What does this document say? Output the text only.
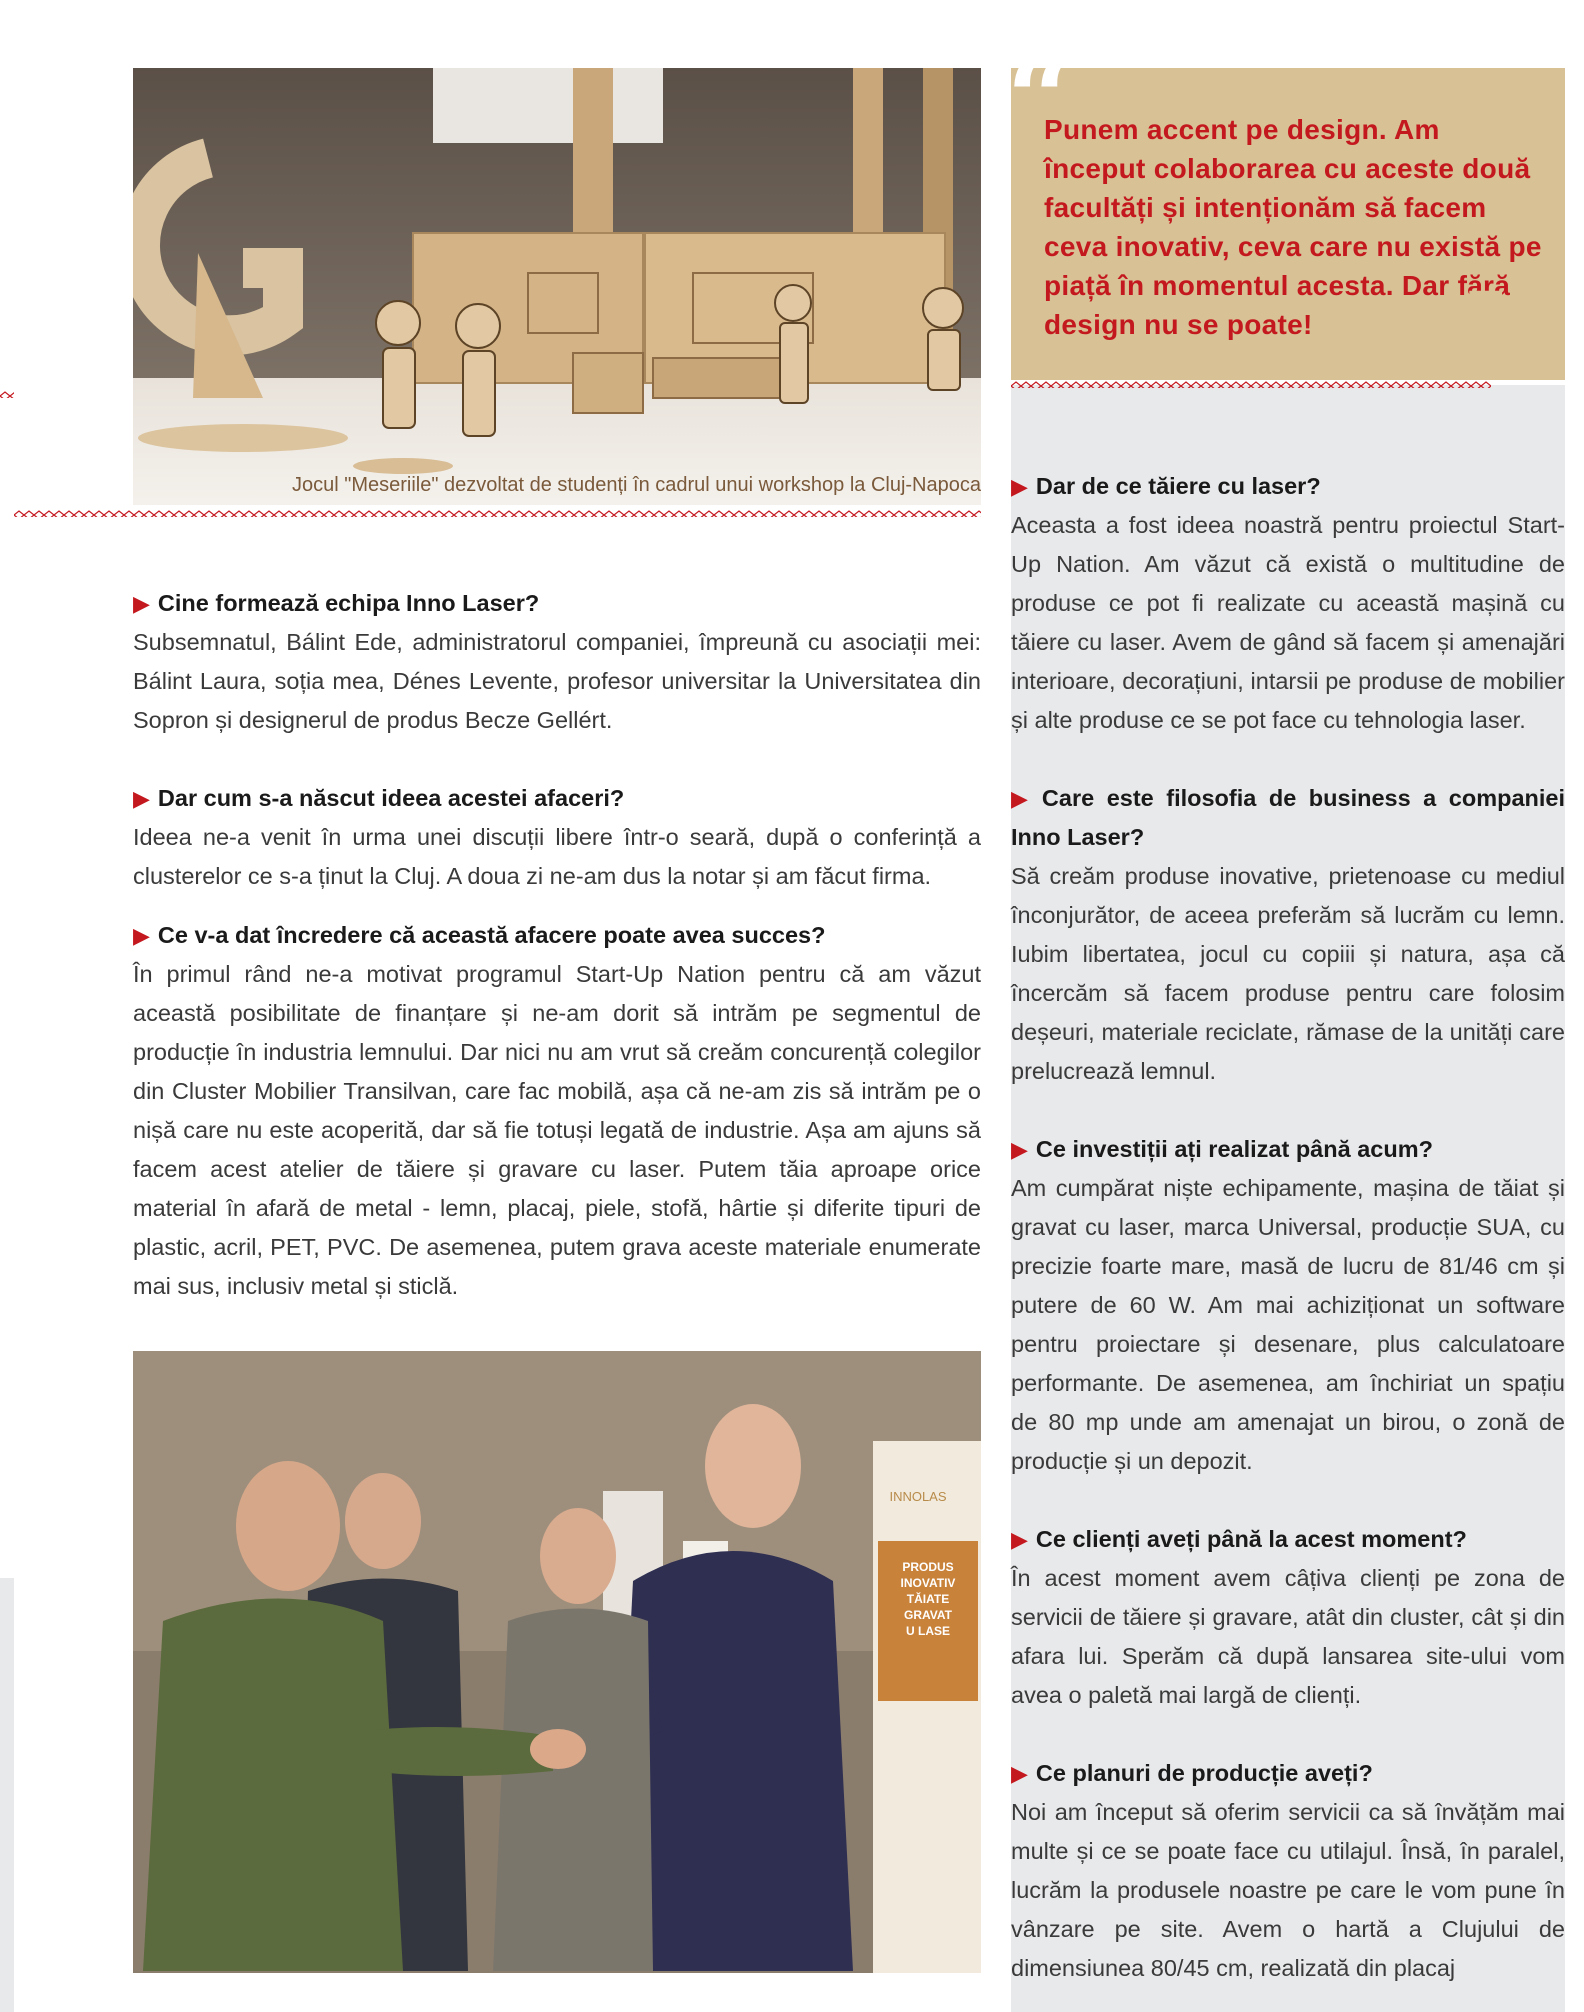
Jocul "Meseriile" dezvoltat de studenți în cadrul unui workshop la Cluj-Napoca
“
Punem accent pe design. Am început colaborarea cu aceste două facultăți și intenționăm să facem ceva inovativ, ceva care nu există pe piață în momentul acesta. Dar fără design nu se poate! ”
▶ Cine formează echipa Inno Laser?
Subsemnatul, Bálint Ede, administratorul companiei, împreună cu asociații mei: Bálint Laura, soția mea, Dénes Levente, profesor universitar la Universitatea din Sopron și designerul de produs Becze Gellért.
▶ Dar cum s-a născut ideea acestei afaceri?
Ideea ne-a venit în urma unei discuții libere într-o seară, după o conferință a clusterelor ce s-a ținut la Cluj. A doua zi ne-am dus la notar și am făcut firma.
▶ Ce v-a dat încredere că această afacere poate avea succes?
În primul rând ne-a motivat programul Start-Up Nation pentru că am văzut această posibilitate de finanțare și ne-am dorit să intrăm pe segmentul de producție în industria lemnului. Dar nici nu am vrut să creăm concurență colegilor din Cluster Mobilier Transilvan, care fac mobilă, așa că ne-am zis să intrăm pe o nișă care nu este acoperită, dar să fie totuși legată de industrie. Așa am ajuns să facem acest atelier de tăiere și gravare cu laser. Putem tăia aproape orice material în afară de metal - lemn, placaj, piele, stofă, hârtie și diferite tipuri de plastic, acril, PET, PVC. De asemenea, putem grava aceste materiale enumerate mai sus, inclusiv metal și sticlă.
INNOLAS
PRODUS
INOVATIV
TĂIATE
GRAVAT
U LASE
▶ Dar de ce tăiere cu laser?
Aceasta a fost ideea noastră pentru proiectul Start-Up Nation. Am văzut că există o multitudine de produse ce pot fi realizate cu această mașină cu tăiere cu laser. Avem de gând să facem și amenajări interioare, decorațiuni, intarsii pe produse de mobilier și alte produse ce se pot face cu tehnologia laser.
▶ Care este filosofia de business a companiei Inno Laser?
Să creăm produse inovative, prietenoase cu mediul înconjurător, de aceea preferăm să lucrăm cu lemn. Iubim libertatea, jocul cu copiii și natura, așa că încercăm să facem produse pentru care folosim deșeuri, materiale reciclate, rămase de la unități care prelucrează lemnul.
▶ Ce investiții ați realizat până acum?
Am cumpărat niște echipamente, mașina de tăiat și gravat cu laser, marca Universal, producție SUA, cu precizie foarte mare, masă de lucru de 81/46 cm și putere de 60 W. Am mai achiziționat un software pentru proiectare și desenare, plus calculatoare performante. De asemenea, am închiriat un spațiu de 80 mp unde am amenajat un birou, o zonă de producție și un depozit.
▶ Ce clienți aveți până la acest moment?
În acest moment avem câțiva clienți pe zona de servicii de tăiere și gravare, atât din cluster, cât și din afara lui. Sperăm că după lansarea site-ului vom avea o paletă mai largă de clienți.
▶ Ce planuri de producție aveți?
Noi am început să oferim servicii ca să învățăm mai multe și ce se poate face cu utilajul. Însă, în paralel, lucrăm la produsele noastre pe care le vom pune în vânzare pe site. Avem o hartă a Clujului de dimensiunea 80/45 cm, realizată din placaj
